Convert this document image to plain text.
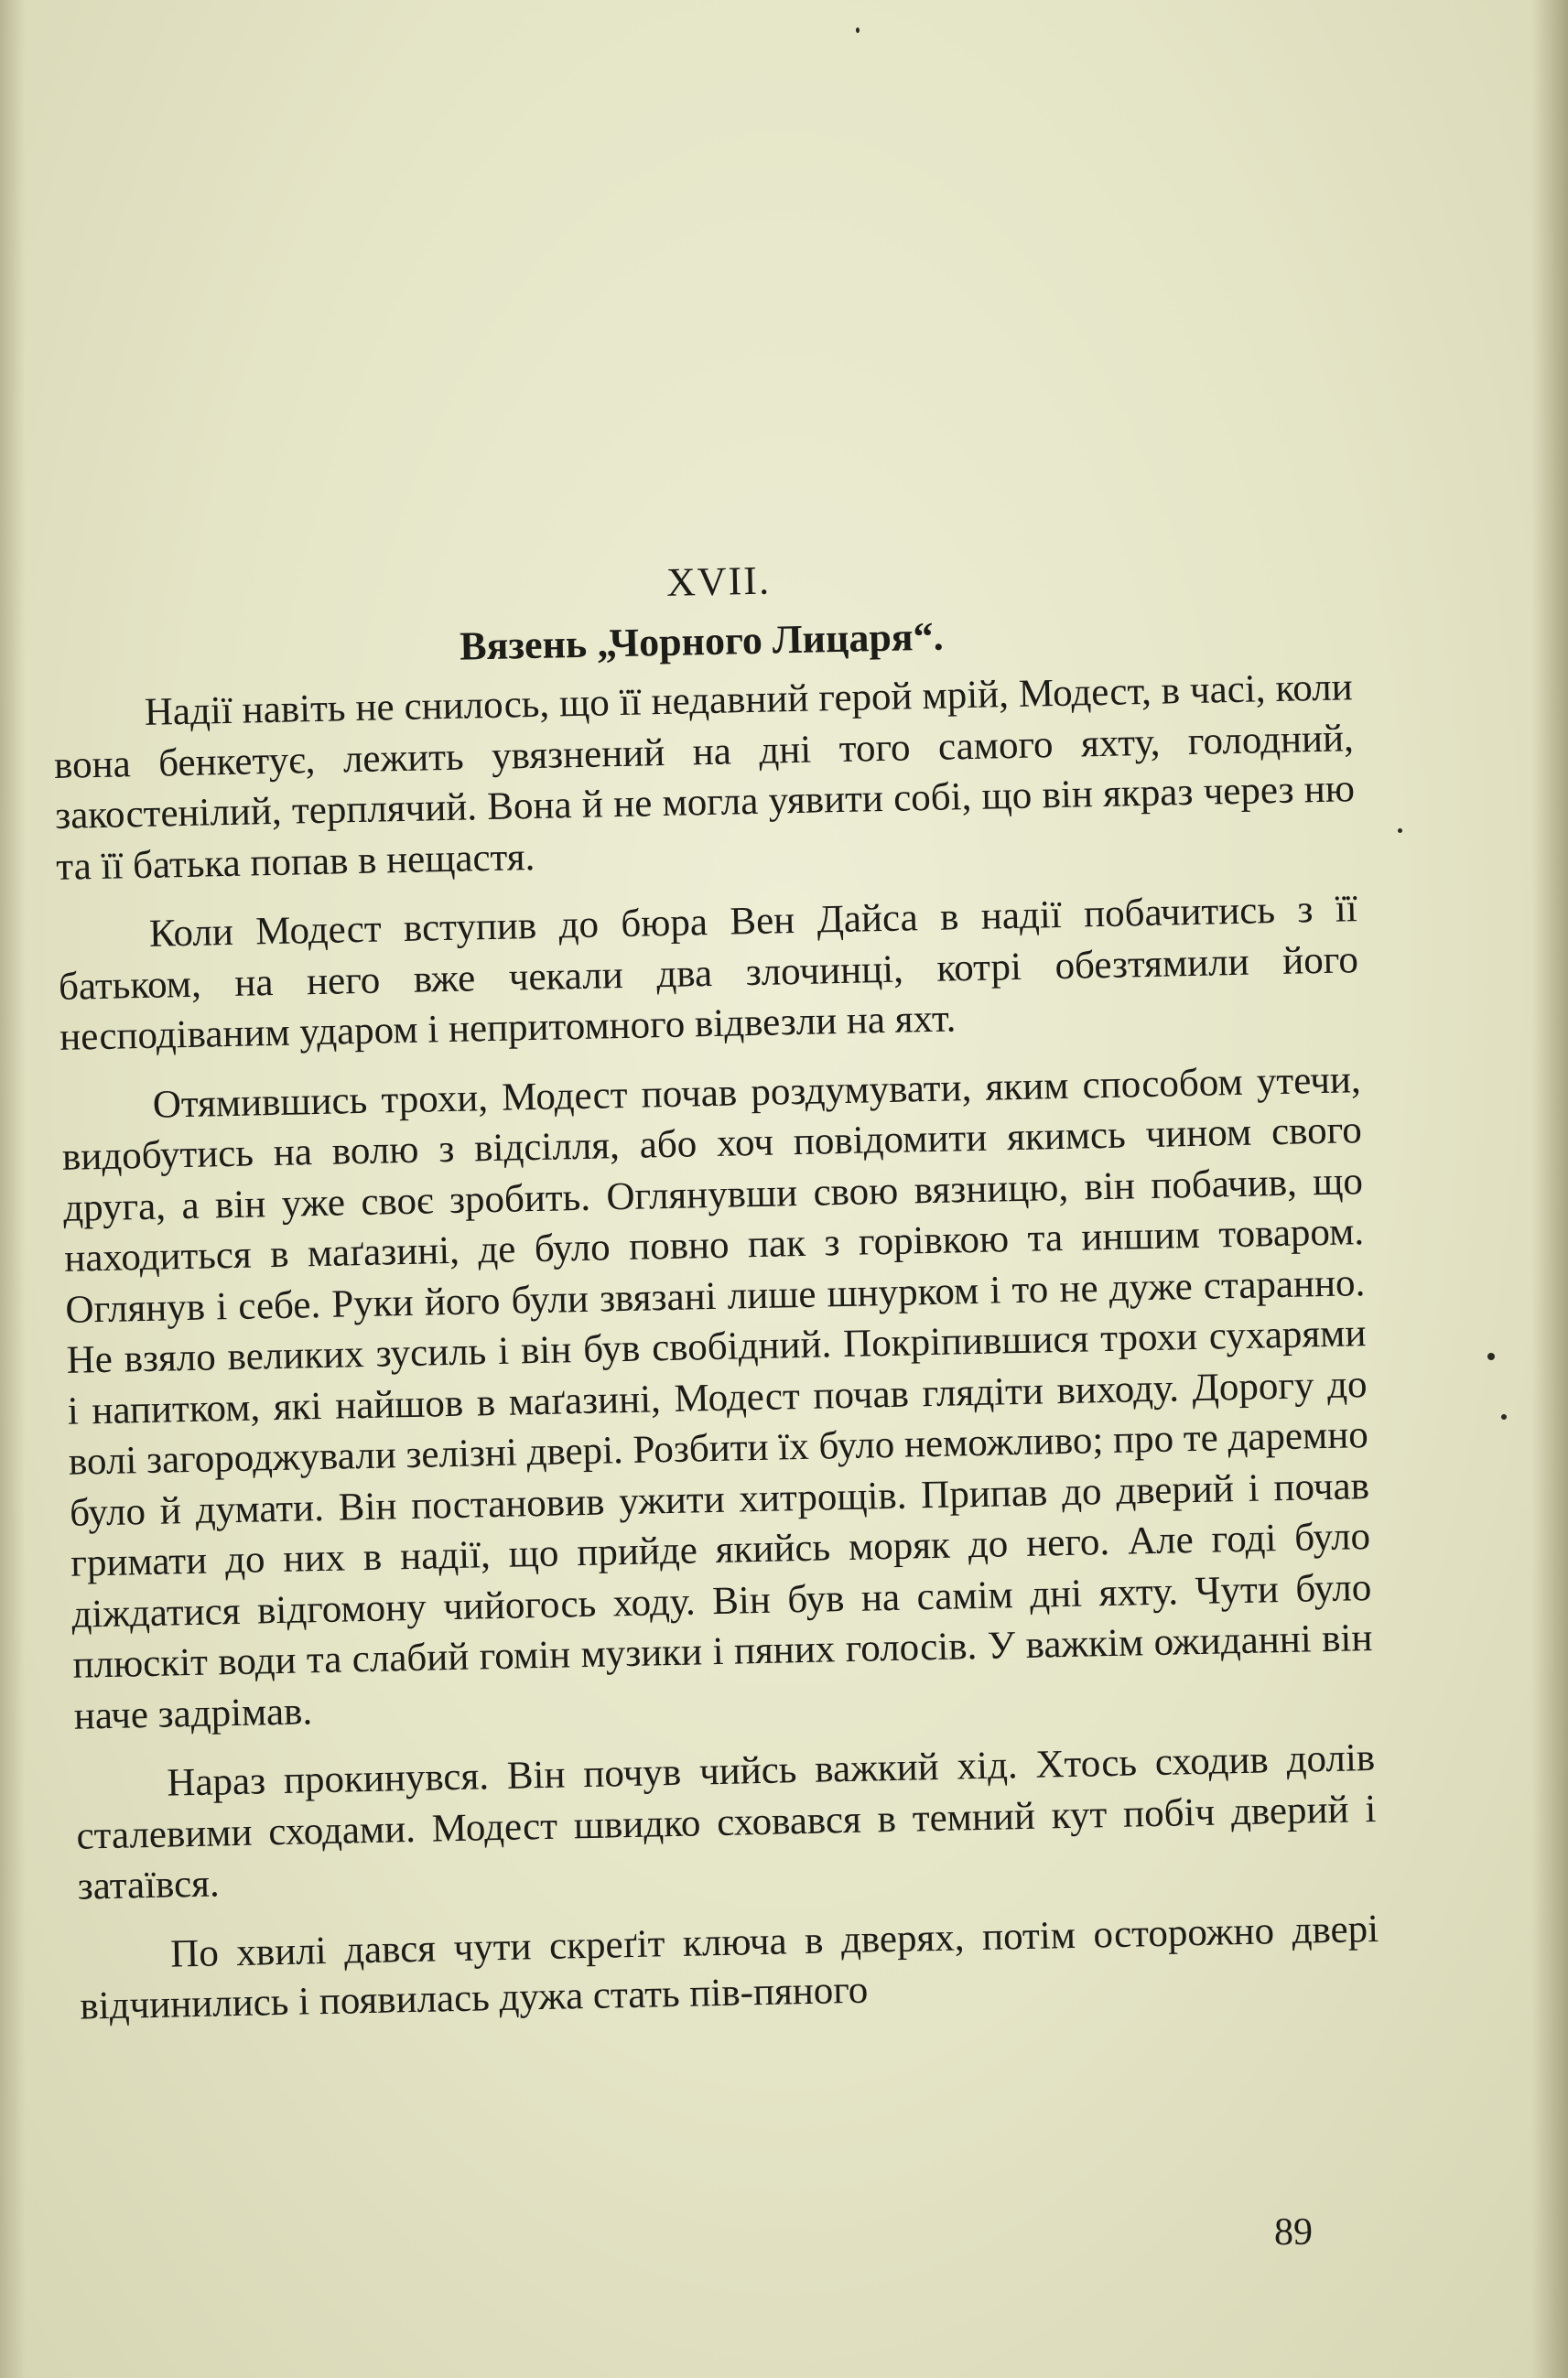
XVII.
Вязень „Чорного Лицаря“.

Надії навіть не снилось, що її недавний герой мрій, Модест, в часі, коли вона бенкетує, лежить увязнений на дні того самого яхту, голодний, закостенілий, терплячий. Вона й не могла уявити собі, що він якраз через ню та її батька попав в нещастя.

Коли Модест вступив до бюра Вен Дайса в надії побачитись з її батьком, на него вже чекали два злочинці, котрі обезтямили його несподіваним ударом і непритомного відвезли на яхт.

Отямившись трохи, Модест почав роздумувати, яким способом утечи, видобутись на волю з відсілля, або хоч повідомити якимсь чином свого друга, а він уже своє зробить. Оглянувши свою вязницю, він побачив, що находиться в маґазині, де було повно пак з горівкою та иншим товаром. Оглянув і себе. Руки його були звязані лише шнурком і то не дуже старанно. Не взяло великих зусиль і він був свобідний. Покріпившися трохи сухарями і напитком, які найшов в маґазині, Модест почав глядіти виходу. Дорогу до волі загороджували зелізні двері. Розбити їх було неможливо; про те даремно було й думати. Він постановив ужити хитрощів. Припав до дверий і почав гримати до них в надії, що прийде якийсь моряк до него. Але годі було діждатися відгомону чийогось ходу. Він був на самім дні яхту. Чути було плюскіт води та слабий гомін музики і пяних голосів. У важкім ожиданні він наче задрімав.

Нараз прокинувся. Він почув чийсь важкий хід. Хтось сходив долів сталевими сходами. Модест швидко сховався в темний кут побіч дверий і затаївся.

По хвилі дався чути скреґіт ключа в дверях, потім осторожно двері відчинились і появилась дужа стать пів-пяного

89
